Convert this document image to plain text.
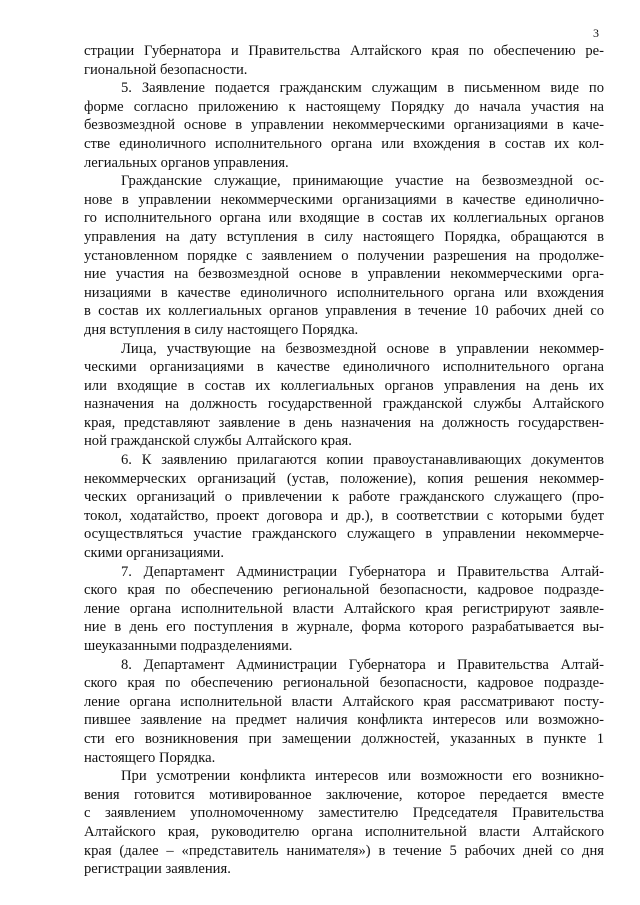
3
страции Губернатора и Правительства Алтайского края по обеспечению ре-
гиональной безопасности.
5. Заявление подается гражданским служащим в письменном виде по
форме согласно приложению к настоящему Порядку до начала участия на
безвозмездной основе в управлении некоммерческими организациями в каче-
стве единоличного исполнительного органа или вхождения в состав их кол-
легиальных органов управления.
Гражданские служащие, принимающие участие на безвозмездной ос-
нове в управлении некоммерческими организациями в качестве единолично-
го исполнительного органа или входящие в состав их коллегиальных органов
управления на дату вступления в силу настоящего Порядка, обращаются в
установленном порядке с заявлением о получении разрешения на продолже-
ние участия на безвозмездной основе в управлении некоммерческими орга-
низациями в качестве единоличного исполнительного органа или вхождения
в состав их коллегиальных органов управления в течение 10 рабочих дней со
дня вступления в силу настоящего Порядка.
Лица, участвующие на безвозмездной основе в управлении некоммер-
ческими организациями в качестве единоличного исполнительного органа
или входящие в состав их коллегиальных органов управления на день их
назначения на должность государственной гражданской службы Алтайского
края, представляют заявление в день назначения на должность государствен-
ной гражданской службы Алтайского края.
6. К заявлению прилагаются копии правоустанавливающих документов
некоммерческих организаций (устав, положение), копия решения некоммер-
ческих организаций о привлечении к работе гражданского служащего (про-
токол, ходатайство, проект договора и др.), в соответствии с которыми будет
осуществляться участие гражданского служащего в управлении некоммерче-
скими организациями.
7. Департамент Администрации Губернатора и Правительства Алтай-
ского края по обеспечению региональной безопасности, кадровое подразде-
ление органа исполнительной власти Алтайского края регистрируют заявле-
ние в день его поступления в журнале, форма которого разрабатывается вы-
шеуказанными подразделениями.
8. Департамент Администрации Губернатора и Правительства Алтай-
ского края по обеспечению региональной безопасности, кадровое подразде-
ление органа исполнительной власти Алтайского края рассматривают посту-
пившее заявление на предмет наличия конфликта интересов или возможно-
сти его возникновения при замещении должностей, указанных в пункте 1
настоящего Порядка.
При усмотрении конфликта интересов или возможности его возникно-
вения готовится мотивированное заключение, которое передается вместе
с заявлением уполномоченному заместителю Председателя Правительства
Алтайского края, руководителю органа исполнительной власти Алтайского
края (далее – «представитель нанимателя») в течение 5 рабочих дней со дня
регистрации заявления.
